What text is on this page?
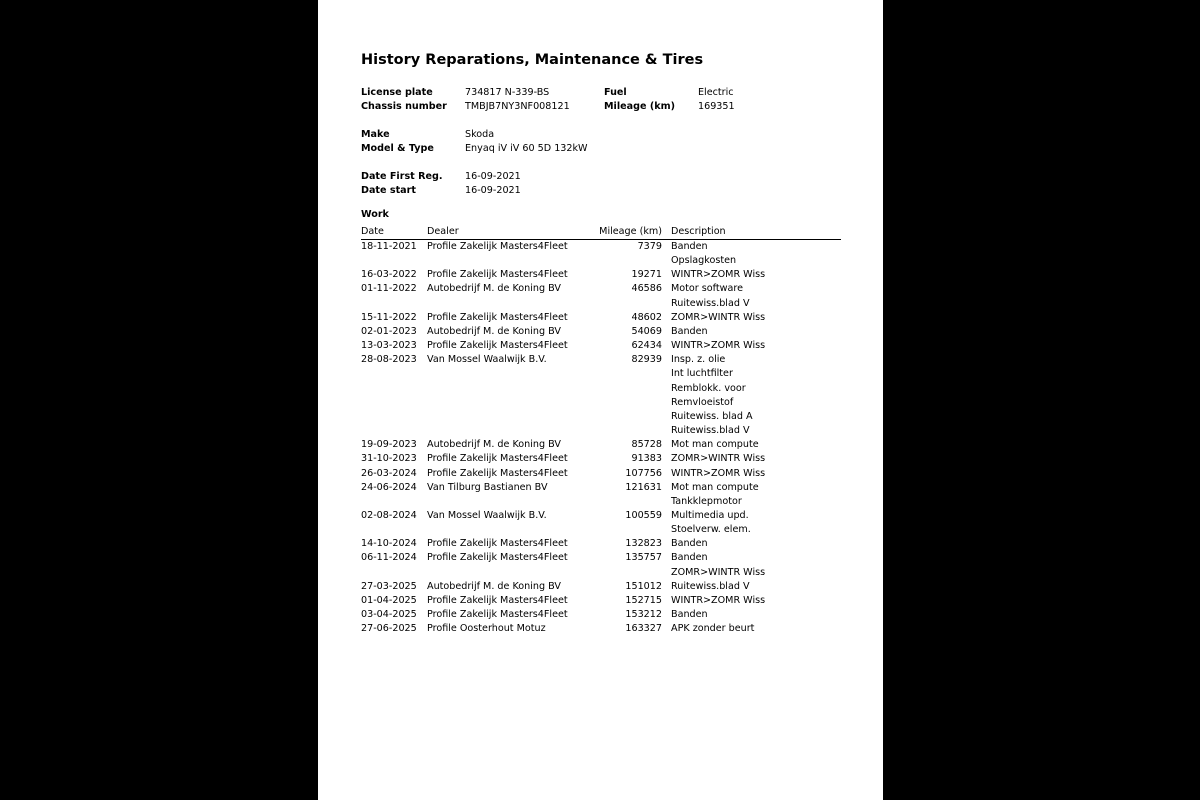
History Reparations, Maintenance & Tires
License plate	734817 N-339-BS	Fuel	Electric
Chassis number TMBJB7NY3NF008121	Mileage (km) 169351
Make	Skoda
Model & Type	Enyaq iV iV 60 5D 132kW
Date First Reg. 16-09-2021
Date start	16-09-2021
Work
Date	Dealer	Mileage (km) Description
18-11-2021 Profile Zakelijk Masters4Fleet	7379 Banden
Opslagkosten
16-03-2022 Profile Zakelijk Masters4Fleet	19271 WINTR>ZOMR Wiss
01-11-2022 Autobedrijf M. de Koning BV	46586 Motor software
Ruitewiss.blad V
15-11-2022 Profile Zakelijk Masters4Fleet	48602 ZOMR>WINTR Wiss
02-01-2023 Autobedrijf M. de Koning BV	54069 Banden
13-03-2023 Profile Zakelijk Masters4Fleet	62434 WINTR>ZOMR Wiss
28-08-2023 Van Mossel Waalwijk B.V.	82939 Insp. z. olie
Int luchtfilter
Remblokk. voor
Remvloeistof
Ruitewiss. blad A
Ruitewiss.blad V
19-09-2023 Autobedrijf M. de Koning BV	85728 Mot man compute
31-10-2023 Profile Zakelijk Masters4Fleet	91383 ZOMR>WINTR Wiss
26-03-2024 Profile Zakelijk Masters4Fleet	107756 WINTR>ZOMR Wiss
24-06-2024 Van Tilburg Bastianen BV	121631 Mot man compute
Tankklepmotor
02-08-2024 Van Mossel Waalwijk B.V.	100559 Multimedia upd.
Stoelverw. elem.
14-10-2024 Profile Zakelijk Masters4Fleet	132823 Banden
06-11-2024 Profile Zakelijk Masters4Fleet	135757 Banden
ZOMR>WINTR Wiss
27-03-2025 Autobedrijf M. de Koning BV	151012 Ruitewiss.blad V
01-04-2025 Profile Zakelijk Masters4Fleet	152715 WINTR>ZOMR Wiss
03-04-2025 Profile Zakelijk Masters4Fleet	153212 Banden
27-06-2025 Profile Oosterhout Motuz	163327 APK zonder beurt
